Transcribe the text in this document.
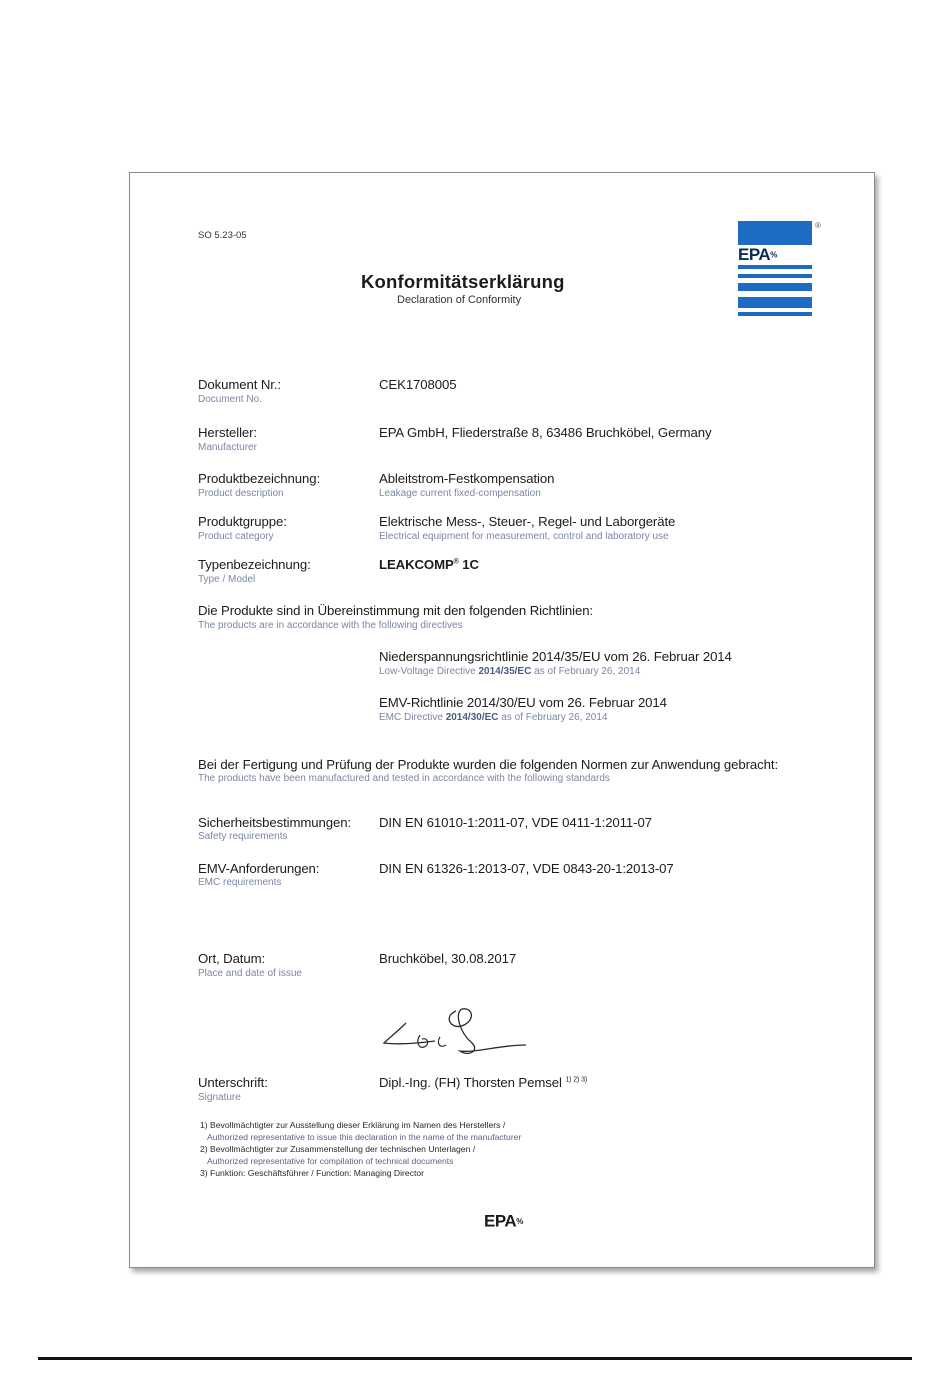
SO 5.23-05
EPA%
®
Konformitätserklärung
Declaration of Conformity
Dokument Nr.:
Document No.
CEK1708005
Hersteller:
Manufacturer
EPA GmbH, Fliederstraße 8, 63486 Bruchköbel, Germany
Produktbezeichnung:
Product description
Ableitstrom-Festkompensation
Leakage current fixed-compensation
Produktgruppe:
Product category
Elektrische Mess-, Steuer-, Regel- und Laborgeräte
Electrical equipment for measurement, control and laboratory use
Typenbezeichnung:
Type / Model
LEAKCOMP® 1C
Die Produkte sind in Übereinstimmung mit den folgenden Richtlinien:
The products are in accordance with the following directives
Niederspannungsrichtlinie 2014/35/EU vom 26. Februar 2014
Low-Voltage Directive 2014/35/EC as of February 26, 2014
EMV-Richtlinie 2014/30/EU vom 26. Februar 2014
EMC Directive 2014/30/EC as of February 26, 2014
Bei der Fertigung und Prüfung der Produkte wurden die folgenden Normen zur Anwendung gebracht:
The products have been manufactured and tested in accordance with the following standards
Sicherheitsbestimmungen:
Safety requirements
DIN EN 61010-1:2011-07, VDE 0411-1:2011-07
EMV-Anforderungen:
EMC requirements
DIN EN 61326-1:2013-07, VDE 0843-20-1:2013-07
Ort, Datum:
Place and date of issue
Bruchköbel, 30.08.2017
Unterschrift:
Signature
Dipl.-Ing. (FH) Thorsten Pemsel $^{1) 2) 3)}$
1) Bevollmächtigter zur Ausstellung dieser Erklärung im Namen des Herstellers /
Authorized representative to issue this declaration in the name of the manufacturer
2) Bevollmächtigter zur Zusammenstellung der technischen Unterlagen /
Authorized representative for compilation of technical documents
3) Funktion: Geschäftsführer / Function: Managing Director
EPA%
